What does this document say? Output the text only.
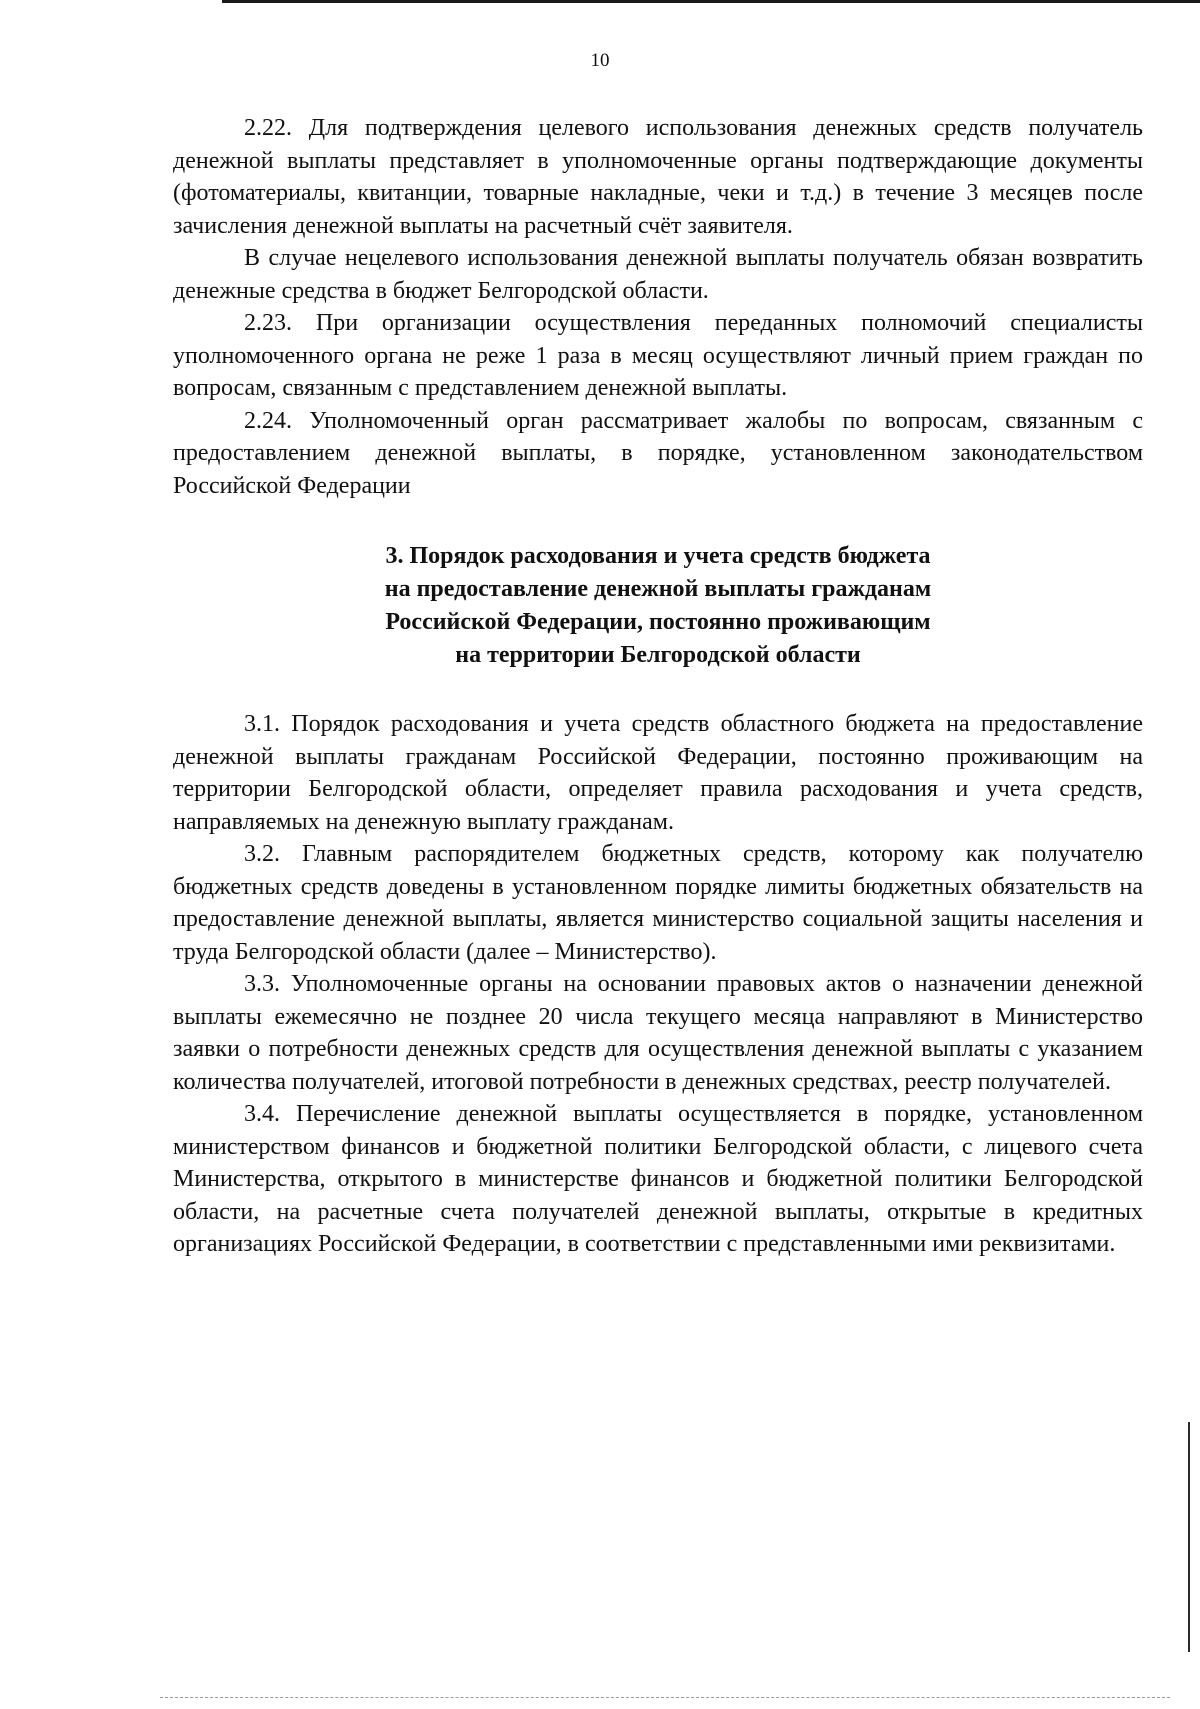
10

2.22. Для подтверждения целевого использования денежных средств получатель денежной выплаты представляет в уполномоченные органы подтверждающие документы (фотоматериалы, квитанции, товарные накладные, чеки и т.д.) в течение 3 месяцев после зачисления денежной выплаты на расчетный счёт заявителя.

В случае нецелевого использования денежной выплаты получатель обязан возвратить денежные средства в бюджет Белгородской области.

2.23. При организации осуществления переданных полномочий специалисты уполномоченного органа не реже 1 раза в месяц осуществляют личный прием граждан по вопросам, связанным с представлением денежной выплаты.

2.24. Уполномоченный орган рассматривает жалобы по вопросам, связанным с предоставлением денежной выплаты, в порядке, установленном законодательством Российской Федерации

3. Порядок расходования и учета средств бюджета
на предоставление денежной выплаты гражданам
Российской Федерации, постоянно проживающим
на территории Белгородской области

3.1. Порядок расходования и учета средств областного бюджета на предоставление денежной выплаты гражданам Российской Федерации, постоянно проживающим на территории Белгородской области, определяет правила расходования и учета средств, направляемых на денежную выплату гражданам.

3.2. Главным распорядителем бюджетных средств, которому как получателю бюджетных средств доведены в установленном порядке лимиты бюджетных обязательств на предоставление денежной выплаты, является министерство социальной защиты населения и труда Белгородской области (далее – Министерство).

3.3. Уполномоченные органы на основании правовых актов о назначении денежной выплаты ежемесячно не позднее 20 числа текущего месяца направляют в Министерство заявки о потребности денежных средств для осуществления денежной выплаты с указанием количества получателей, итоговой потребности в денежных средствах, реестр получателей.

3.4. Перечисление денежной выплаты осуществляется в порядке, установленном министерством финансов и бюджетной политики Белгородской области, с лицевого счета Министерства, открытого в министерстве финансов и бюджетной политики Белгородской области, на расчетные счета получателей денежной выплаты, открытые в кредитных организациях Российской Федерации, в соответствии с представленными ими реквизитами.
